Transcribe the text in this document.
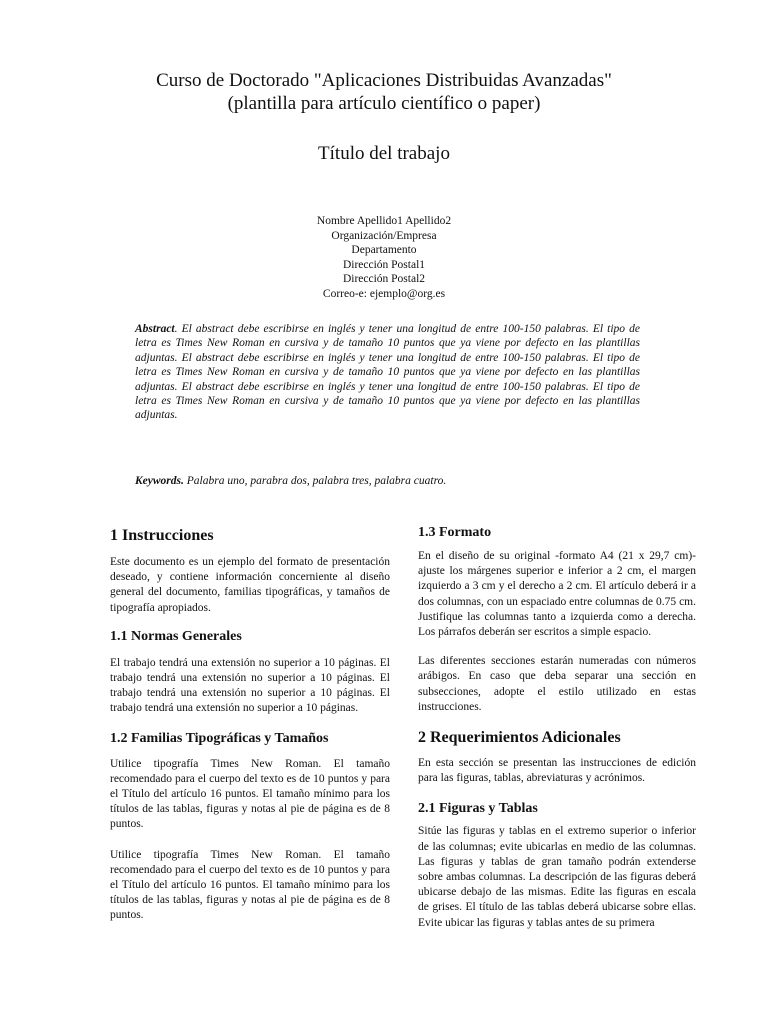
Curso de Doctorado "Aplicaciones Distribuidas Avanzadas"
(plantilla para artículo científico o paper)
Título del trabajo
Nombre Apellido1 Apellido2
Organización/Empresa
Departamento
Dirección Postal1
Dirección Postal2
Correo-e: ejemplo@org.es
Abstract. El abstract debe escribirse en inglés y tener una longitud de entre 100-150 palabras. El tipo de letra es Times New Roman en cursiva y de tamaño 10 puntos que ya viene por defecto en las plantillas adjuntas. El abstract debe escribirse en inglés y tener una longitud de entre 100-150 palabras. El tipo de letra es Times New Roman en cursiva y de tamaño 10 puntos que ya viene por defecto en las plantillas adjuntas. El abstract debe escribirse en inglés y tener una longitud de entre 100-150 palabras. El tipo de letra es Times New Roman en cursiva y de tamaño 10 puntos que ya viene por defecto en las plantillas adjuntas.
Keywords. Palabra uno, parabra dos, palabra tres, palabra cuatro.
1 Instrucciones

Este documento es un ejemplo del formato de presentación deseado, y contiene información concerniente al diseño general del documento, familias tipográficas, y tamaños de tipografía apropiados.

1.1 Normas Generales

El trabajo tendrá una extensión no superior a 10 páginas. El trabajo tendrá una extensión no superior a 10 páginas. El trabajo tendrá una extensión no superior a 10 páginas. El trabajo tendrá una extensión no superior a 10 páginas.

1.2 Familias Tipográficas y Tamaños

Utilice tipografía Times New Roman. El tamaño recomendado para el cuerpo del texto es de 10 puntos y para el Título del artículo 16 puntos. El tamaño mínimo para los títulos de las tablas, figuras y notas al pie de página es de 8 puntos.

Utilice tipografía Times New Roman. El tamaño recomendado para el cuerpo del texto es de 10 puntos y para el Título del artículo 16 puntos. El tamaño mínimo para los títulos de las tablas, figuras y notas al pie de página es de 8 puntos.

1.3 Formato

En el diseño de su original -formato A4 (21 x 29,7 cm)- ajuste los márgenes superior e inferior a 2 cm, el margen izquierdo a 3 cm y el derecho a 2 cm. El artículo deberá ir a dos columnas, con un espaciado entre columnas de 0.75 cm. Justifique las columnas tanto a izquierda como a derecha. Los párrafos deberán ser escritos a simple espacio.

Las diferentes secciones estarán numeradas con números arábigos. En caso que deba separar una sección en subsecciones, adopte el estilo utilizado en estas instrucciones.

2 Requerimientos Adicionales

En esta sección se presentan las instrucciones de edición para las figuras, tablas, abreviaturas y acrónimos.

2.1 Figuras y Tablas

Sitúe las figuras y tablas en el extremo superior o inferior de las columnas; evite ubicarlas en medio de las columnas. Las figuras y tablas de gran tamaño podrán extenderse sobre ambas columnas. La descripción de las figuras deberá ubicarse debajo de las mismas. Edite las figuras en escala de grises. El título de las tablas deberá ubicarse sobre ellas. Evite ubicar las figuras y tablas antes de su primera
